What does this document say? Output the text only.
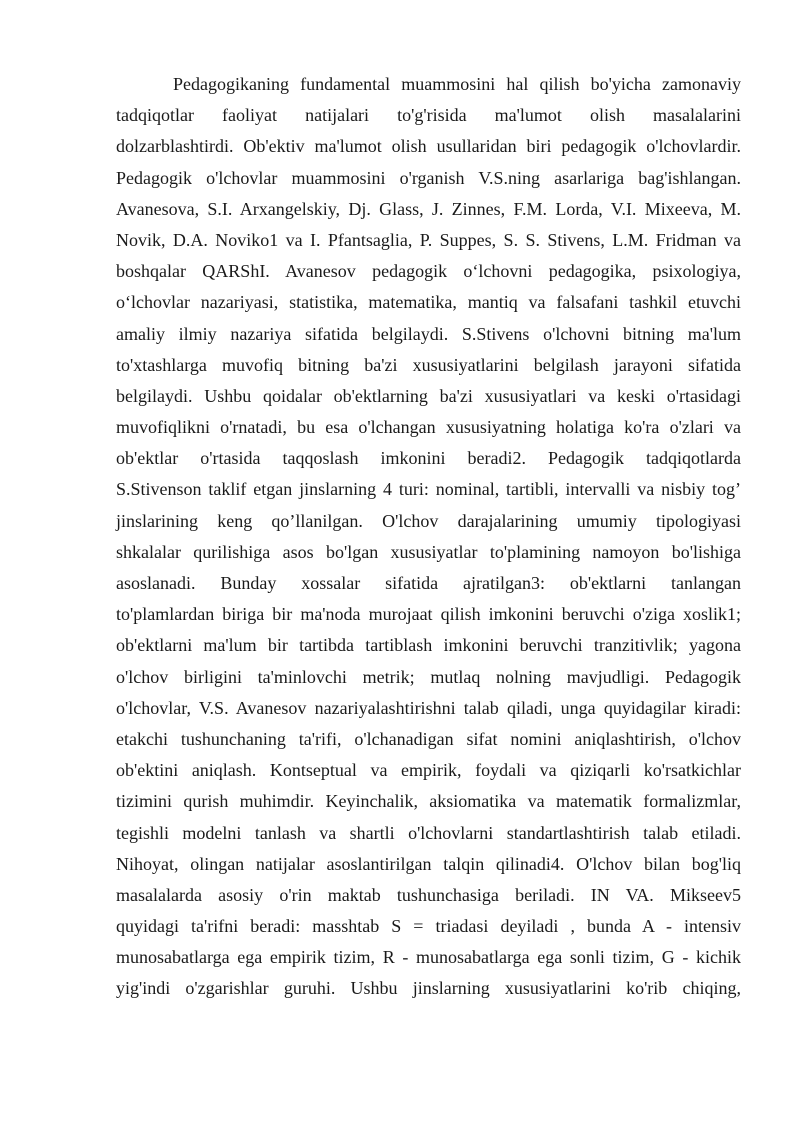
Pedagogikaning fundamental muammosini hal qilish bo'yicha zamonaviy
tadqiqotlar faoliyat natijalari to'g'risida ma'lumot olish masalalarini
dolzarblashtirdi. Ob'ektiv ma'lumot olish usullaridan biri pedagogik o'lchovlardir.
Pedagogik o'lchovlar muammosini o'rganish V.S.ning asarlariga bag'ishlangan.
Avanesova, S.I. Arxangelskiy, Dj. Glass, J. Zinnes, F.M. Lorda, V.I. Mixeeva, M.
Novik, D.A. Noviko1 va I. Pfantsaglia, P. Suppes, S. S. Stivens, L.M. Fridman va
boshqalar QARShI. Avanesov pedagogik o‘lchovni pedagogika, psixologiya,
o‘lchovlar nazariyasi, statistika, matematika, mantiq va falsafani tashkil etuvchi
amaliy ilmiy nazariya sifatida belgilaydi. S.Stivens o'lchovni bitning ma'lum
to'xtashlarga muvofiq bitning ba'zi xususiyatlarini belgilash jarayoni sifatida
belgilaydi. Ushbu qoidalar ob'ektlarning ba'zi xususiyatlari va keski o'rtasidagi
muvofiqlikni o'rnatadi, bu esa o'lchangan xususiyatning holatiga ko'ra o'zlari va
ob'ektlar o'rtasida taqqoslash imkonini beradi2. Pedagogik tadqiqotlarda
S.Stivenson taklif etgan jinslarning 4 turi: nominal, tartibli, intervalli va nisbiy tog’
jinslarining keng qo’llanilgan. O'lchov darajalarining umumiy tipologiyasi
shkalalar qurilishiga asos bo'lgan xususiyatlar to'plamining namoyon bo'lishiga
asoslanadi. Bunday xossalar sifatida ajratilgan3: ob'ektlarni tanlangan
to'plamlardan biriga bir ma'noda murojaat qilish imkonini beruvchi o'ziga xoslik1;
ob'ektlarni ma'lum bir tartibda tartiblash imkonini beruvchi tranzitivlik; yagona
o'lchov birligini ta'minlovchi metrik; mutlaq nolning mavjudligi. Pedagogik
o'lchovlar, V.S. Avanesov nazariyalashtirishni talab qiladi, unga quyidagilar kiradi:
etakchi tushunchaning ta'rifi, o'lchanadigan sifat nomini aniqlashtirish, o'lchov
ob'ektini aniqlash. Kontseptual va empirik, foydali va qiziqarli ko'rsatkichlar
tizimini qurish muhimdir. Keyinchalik, aksiomatika va matematik formalizmlar,
tegishli modelni tanlash va shartli o'lchovlarni standartlashtirish talab etiladi.
Nihoyat, olingan natijalar asoslantirilgan talqin qilinadi4. O'lchov bilan bog'liq
masalalarda asosiy o'rin maktab tushunchasiga beriladi. IN VA. Mikseev5
quyidagi ta'rifni beradi: masshtab S = triadasi deyiladi , bunda A - intensiv
munosabatlarga ega empirik tizim, R - munosabatlarga ega sonli tizim, G - kichik
yig'indi o'zgarishlar guruhi. Ushbu jinslarning xususiyatlarini ko'rib chiqing,
